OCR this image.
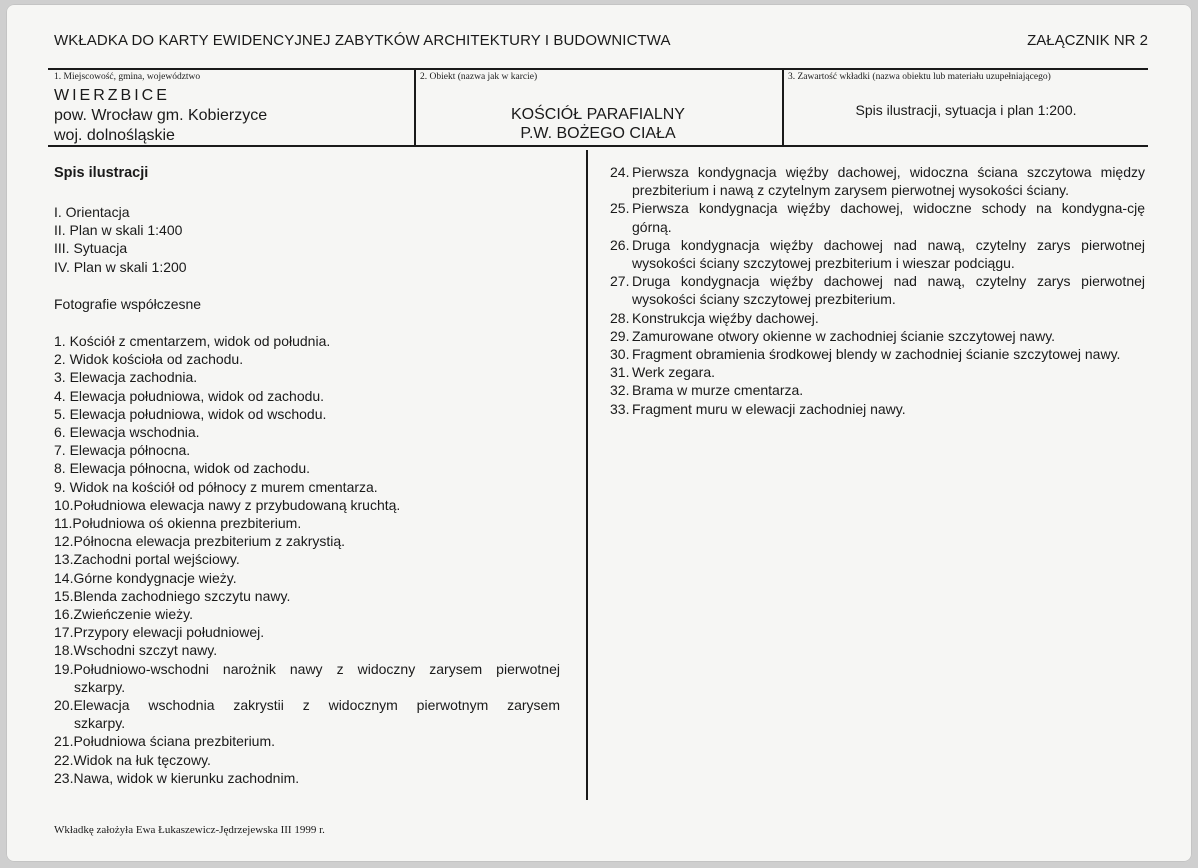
WKŁADKA DO KARTY EWIDENCYJNEJ ZABYTKÓW ARCHITEKTURY I BUDOWNICTWA	ZAŁĄCZNIK NR 2
1. Miejscowość, gmina, województwo
WIERZBICE
pow. Wrocław gm. Kobierzyce
woj. dolnośląskie
2. Obiekt (nazwa jak w karcie)
KOŚCIÓŁ PARAFIALNY
P.W. BOŻEGO CIAŁA
3. Zawartość wkładki (nazwa obiektu lub materiału uzupełniającego)
Spis ilustracji, sytuacja i plan 1:200.
Spis ilustracji
I. Orientacja
II. Plan w skali 1:400
III. Sytuacja
IV. Plan w skali 1:200
Fotografie współczesne
1. Kościół z cmentarzem, widok od południa.
2. Widok kościoła od zachodu.
3. Elewacja zachodnia.
4. Elewacja południowa, widok od zachodu.
5. Elewacja południowa, widok od wschodu.
6. Elewacja wschodnia.
7. Elewacja północna.
8. Elewacja północna, widok od zachodu.
9. Widok na kościół od północy z murem cmentarza.
10.Południowa elewacja nawy z przybudowaną kruchtą.
11.Południowa oś okienna prezbiterium.
12.Północna elewacja prezbiterium z zakrystią.
13.Zachodni portal wejściowy.
14.Górne kondygnacje wieży.
15.Blenda zachodniego szczytu nawy.
16.Zwieńczenie wieży.
17.Przypory elewacji południowej.
18.Wschodni szczyt nawy.
19.Południowo-wschodni narożnik nawy z widoczny zarysem pierwotnej
szkarpy.
20.Elewacja wschodnia zakrystii z widocznym pierwotnym zarysem
szkarpy.
21.Południowa ściana prezbiterium.
22.Widok na łuk tęczowy.
23.Nawa, widok w kierunku zachodnim.
24. Pierwsza kondygnacja więźby dachowej, widoczna ściana szczytowa między prezbiterium i nawą z czytelnym zarysem pierwotnej wysokości ściany.
25. Pierwsza kondygnacja więźby dachowej, widoczne schody na kondygna-cję górną.
26. Druga kondygnacja więźby dachowej nad nawą, czytelny zarys pierwotnej wysokości ściany szczytowej prezbiterium i wieszar podciągu.
27. Druga kondygnacja więźby dachowej nad nawą, czytelny zarys pierwotnej wysokości ściany szczytowej prezbiterium.
28. Konstrukcja więźby dachowej.
29. Zamurowane otwory okienne w zachodniej ścianie szczytowej nawy.
30. Fragment obramienia środkowej blendy w zachodniej ścianie szczytowej nawy.
31. Werk zegara.
32. Brama w murze cmentarza.
33. Fragment muru w elewacji zachodniej nawy.
Wkładkę założyła Ewa Łukaszewicz-Jędrzejewska III 1999 r.
